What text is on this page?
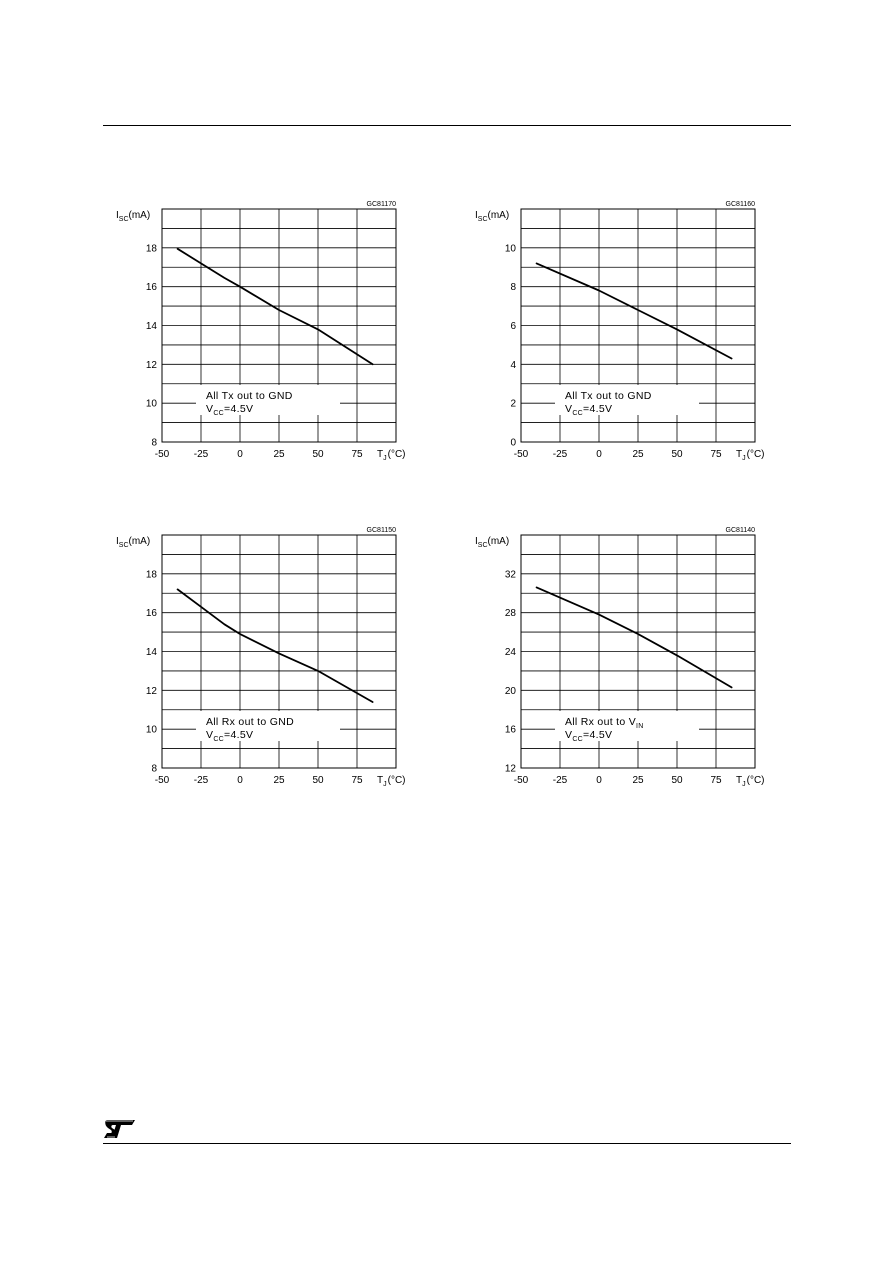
8
10
12
14
16
18
-50 -25	0	25	50	75
GC81170
$I_{SC}(mA)$
$T_J(^\circ C)$
All Tx out to GND
$V_{CC}=4.5V$
0
2
4
6
8
10
-50 -25	0	25	50	75
GC81160
$I_{SC}(mA)$
$T_J(^\circ C)$
All Tx out to GND
$V_{CC}=4.5V$
8
10
12
14
16
18
-50 -25	0	25	50	75
GC81150
$I_{SC}(mA)$
$T_J(^\circ C)$
All Rx out to GND
$V_{CC}=4.5V$
12
16
20
24
28
32
-50 -25	0	25	50	75
GC81140
$I_{SC}(mA)$
$T_J(^\circ C)$
All Rx out to $V_{IN}$
$V_{CC}=4.5V$
